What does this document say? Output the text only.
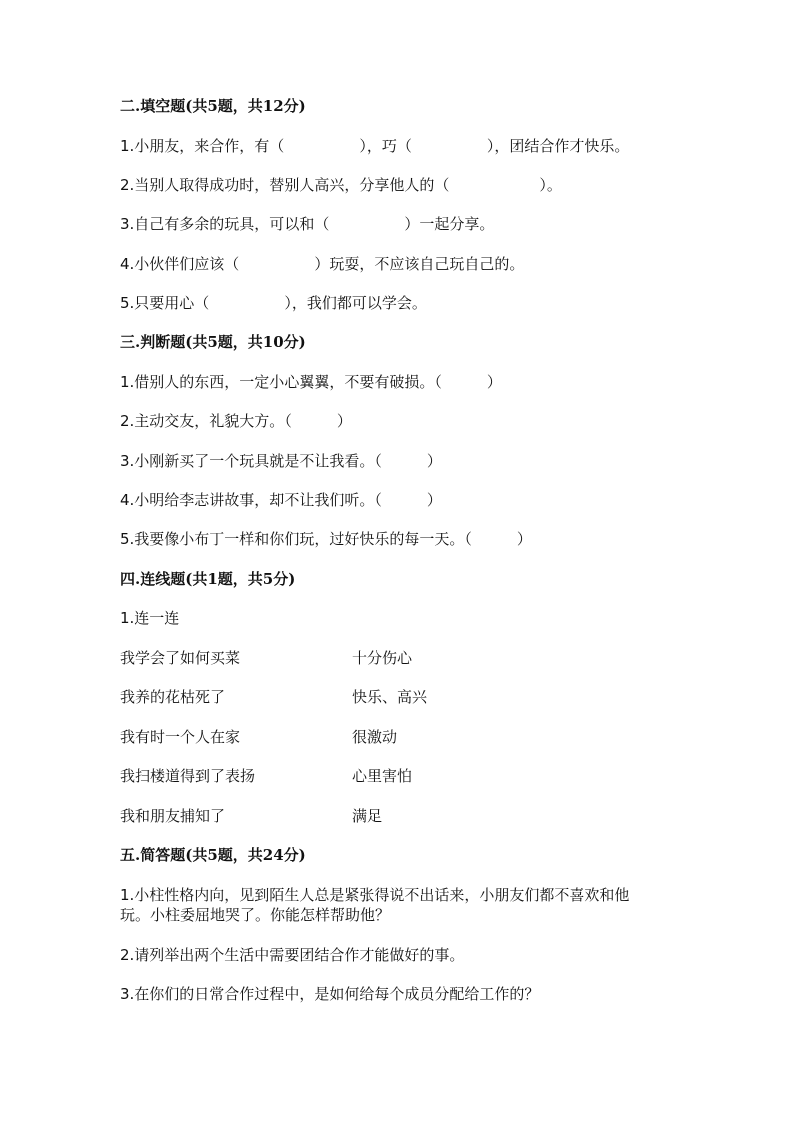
二.填空题(共5题，共12分)
1.小朋友，来合作，有（　　　　　），巧（　　　　　），团结合作才快乐。
2.当别人取得成功时，替别人高兴，分享他人的（　　　　　　）。
3.自己有多余的玩具，可以和（　　　　　）一起分享。
4.小伙伴们应该（　　　　　）玩耍，不应该自己玩自己的。
5.只要用心（　　　　　），我们都可以学会。
三.判断题(共5题，共10分)
1.借别人的东西，一定小心翼翼，不要有破损。（　　　）
2.主动交友，礼貌大方。（　　　）
3.小刚新买了一个玩具就是不让我看。（　　　）
4.小明给李志讲故事，却不让我们听。（　　　）
5.我要像小布丁一样和你们玩，过好快乐的每一天。（　　　）
四.连线题(共1题，共5分)
1.连一连
我学会了如何买菜	十分伤心
我养的花枯死了	快乐、高兴
我有时一个人在家	很激动
我扫楼道得到了表扬	心里害怕
我和朋友捕知了	满足
五.简答题(共5题，共24分)
1.小柱性格内向，见到陌生人总是紧张得说不出话来，小朋友们都不喜欢和他
玩。小柱委屈地哭了。你能怎样帮助他？
2.请列举出两个生活中需要团结合作才能做好的事。
3.在你们的日常合作过程中，是如何给每个成员分配给工作的？
